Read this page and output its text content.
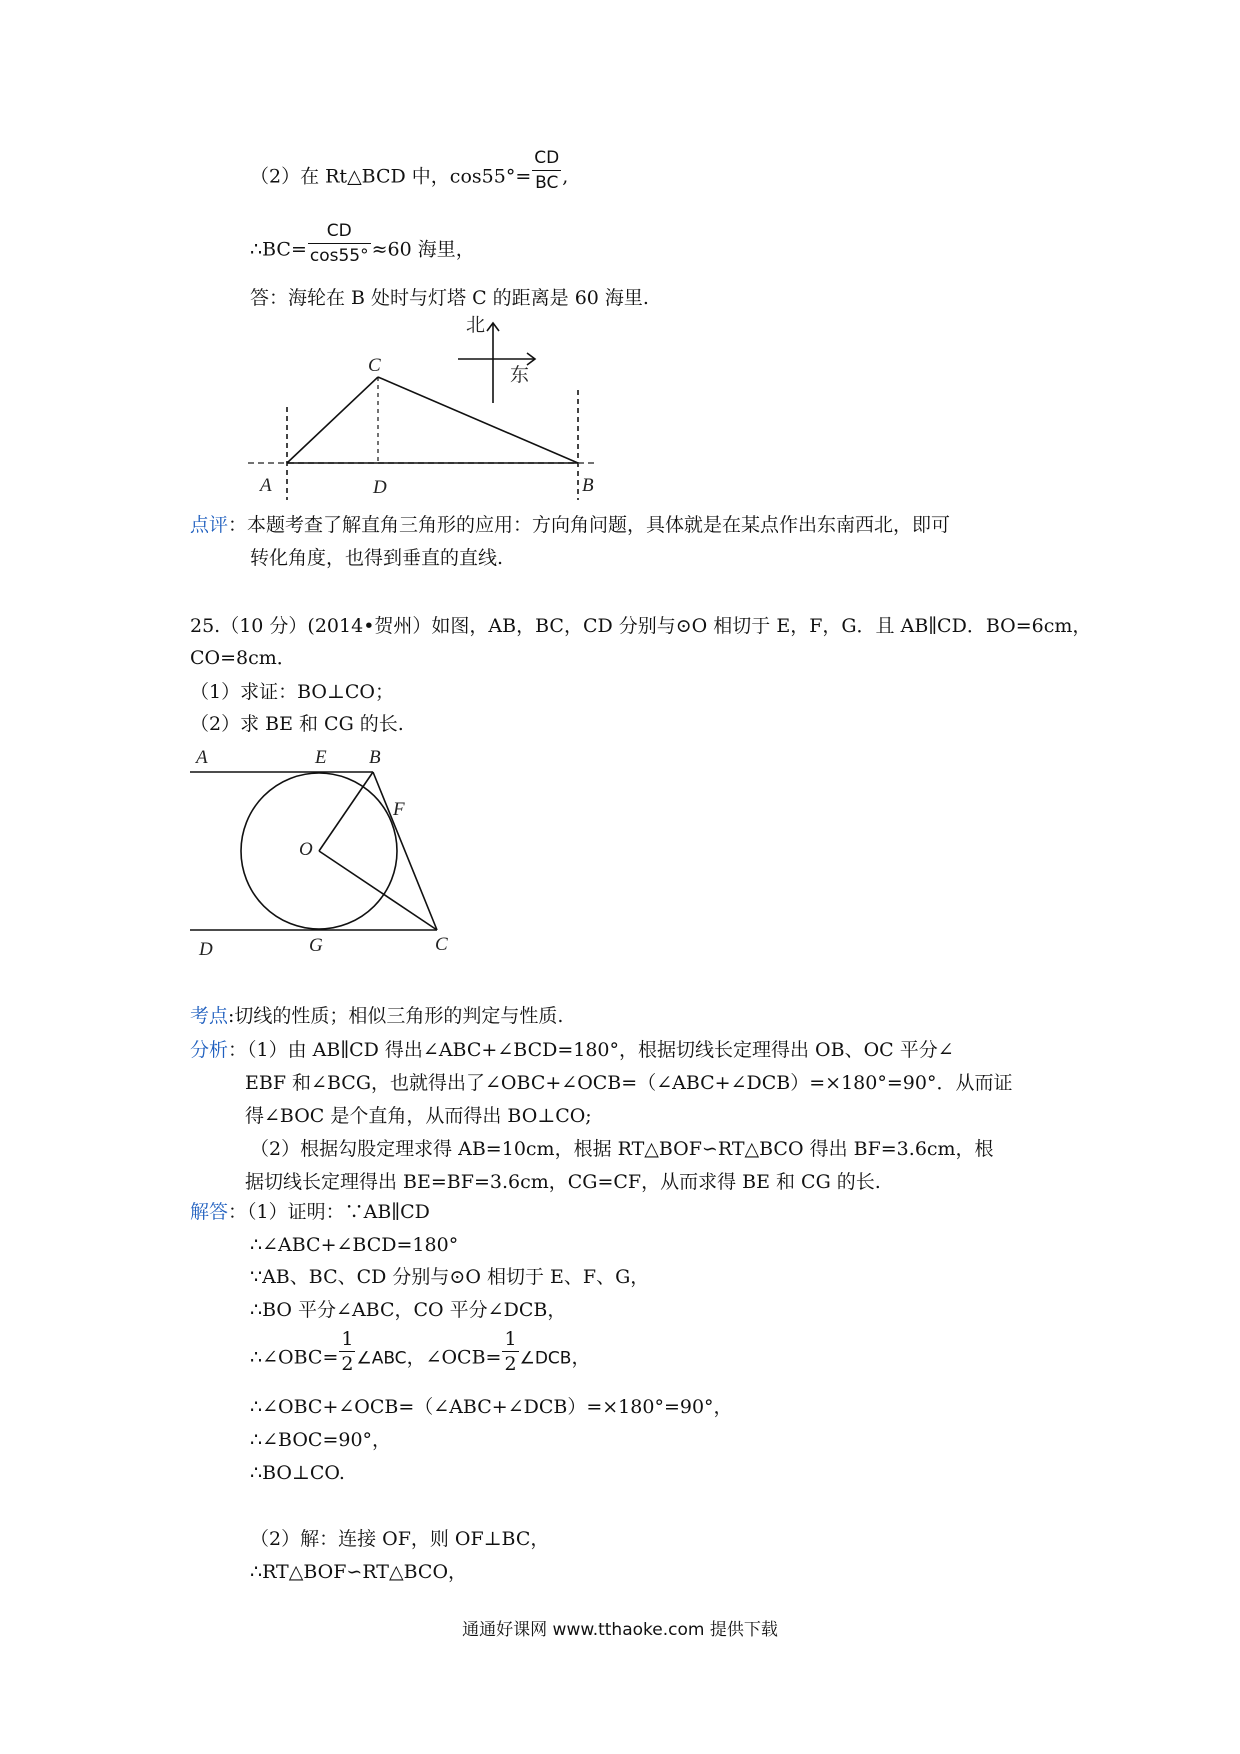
（2）在 Rt△BCD 中，$\cos 55^\circ= \frac{CD}{BC}$ ,
∴BC= $\frac{CD}{\cos 55^\circ} \approx 60$ 海里，
答：海轮在 B 处时与灯塔 C 的距离是 60 海里.
C
A	D	B
北
东
点评：本题考查了解直角三角形的应用：方向角问题，具体就是在某点作出东南西北，即可
转化角度，也得到垂直的直线.
25.（10 分）(2014•贺州）如图，AB，BC，CD 分别与⊙O 相切于 E，F，G．且 AB∥CD．BO=6cm，
CO=8cm．
（1）求证：BO⊥CO；
（2）求 BE 和 CG 的长.
A	E B
F
O
D	G	C
考点:切线的性质；相似三角形的判定与性质.
分析：（1）由 AB∥CD 得出∠ABC+∠BCD=180°，根据切线长定理得出 OB、OC 平分∠
EBF 和∠BCG，也就得出了∠OBC+∠OCB=（∠ABC+∠DCB）=×180°=90°．从而证
得∠BOC 是个直角，从而得出 BO⊥CO;
（2）根据勾股定理求得 AB=10cm，根据 RT△BOF∽RT△BCO 得出 BF=3.6cm，根
据切线长定理得出 BE=BF=3.6cm，CG=CF，从而求得 BE 和 CG 的长.
解答：（1）证明：∵AB∥CD
∴∠ABC+∠BCD=180°
∵AB、BC、CD 分别与⊙O 相切于 E、F、G，
∴BO 平分∠ABC，CO 平分∠DCB，
∴∠OBC= $\frac{1}{2}$ ∠ABC，∠OCB= $\frac{1}{2}$ ∠DCB，
∴∠OBC+∠OCB=（∠ABC+∠DCB）=×180°=90°，
∴∠BOC=90°，
∴BO⊥CO.
（2）解：连接 OF，则 OF⊥BC，
∴RT△BOF∽RT△BCO，
通通好课网 www.tthaoke.com 提供下载
